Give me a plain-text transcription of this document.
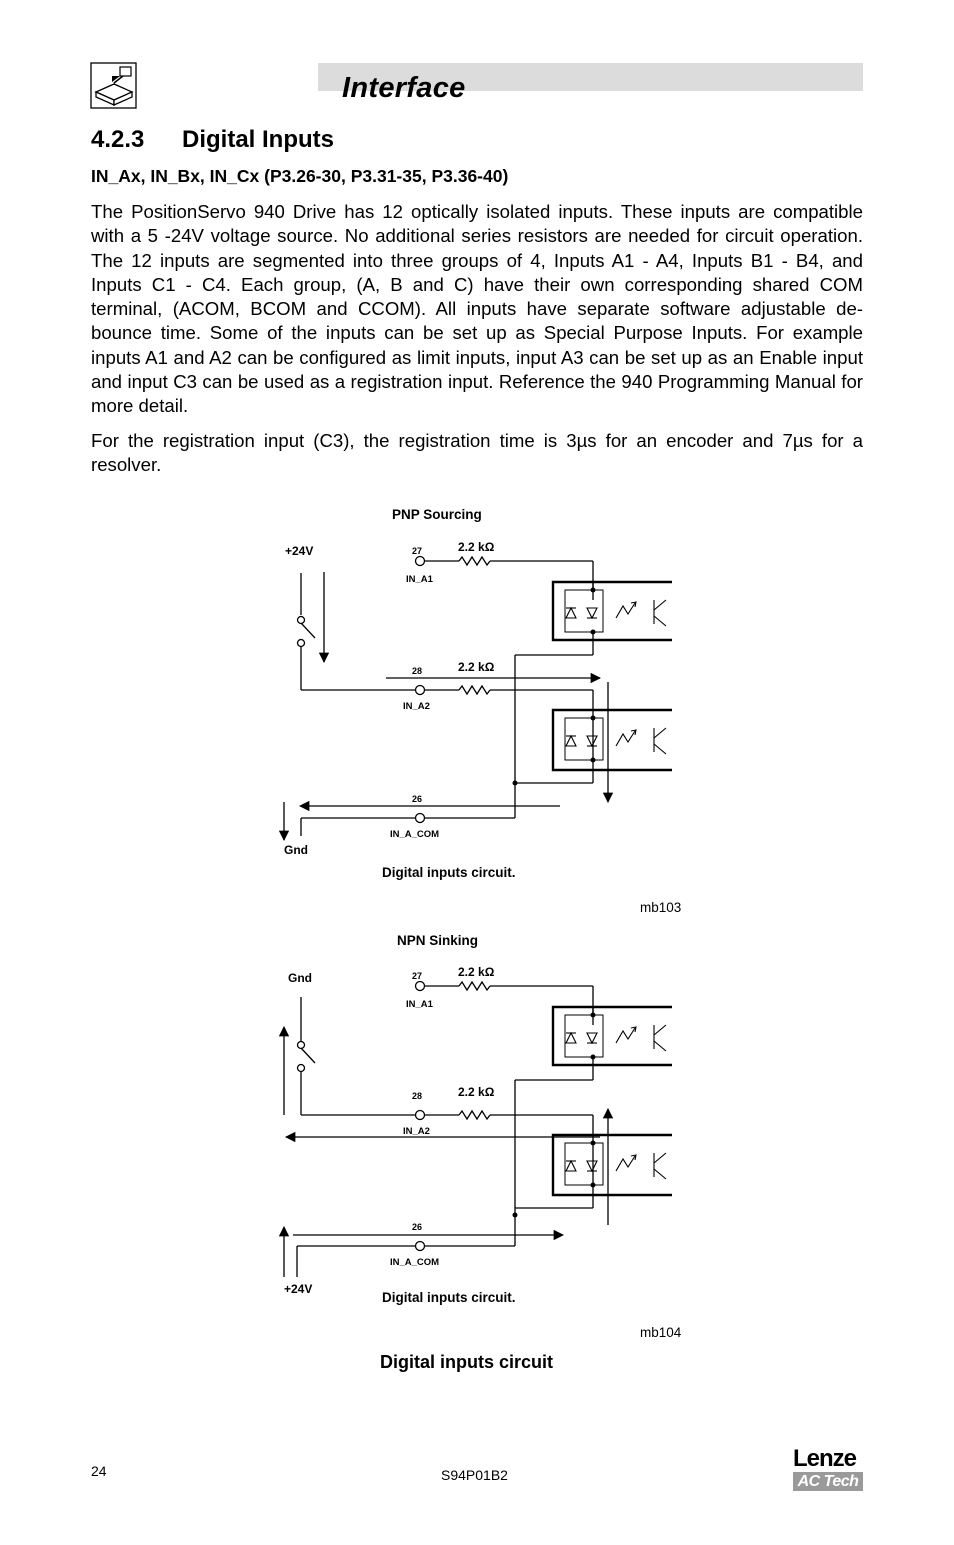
Interface
4.2.3 Digital Inputs
IN_Ax, IN_Bx, IN_Cx (P3.26-30, P3.31-35, P3.36-40)

The PositionServo 940 Drive has 12 optically isolated inputs. These inputs are compatible with a 5 -24V voltage source. No additional series resistors are needed for circuit operation. The 12 inputs are segmented into three groups of 4, Inputs A1 - A4, Inputs B1 - B4, and Inputs C1 - C4. Each group, (A, B and C) have their own corresponding shared COM terminal, (ACOM, BCOM and CCOM). All inputs have separate software adjustable de-bounce time. Some of the inputs can be set up as Special Purpose Inputs. For example inputs A1 and A2 can be configured as limit inputs, input A3 can be set up as an Enable input and input C3 can be used as a registration input. Reference the 940 Programming Manual for more detail.

For the registration input (C3), the registration time is 3µs for an encoder and 7µs for a resolver.

PNP Sourcing
+24V	27	2.2 kΩ
IN_A1
28	2.2 kΩ
IN_A2
26
IN_A_COM
Gnd
Digital inputs circuit.
mb103
NPN Sinking
Gnd	27	2.2 kΩ
IN_A1
28	2.2 kΩ
IN_A2
26
IN_A_COM
+24V
Digital inputs circuit.
mb104
Digital inputs circuit
24	S94P01B2
Lenze
AC Tech
